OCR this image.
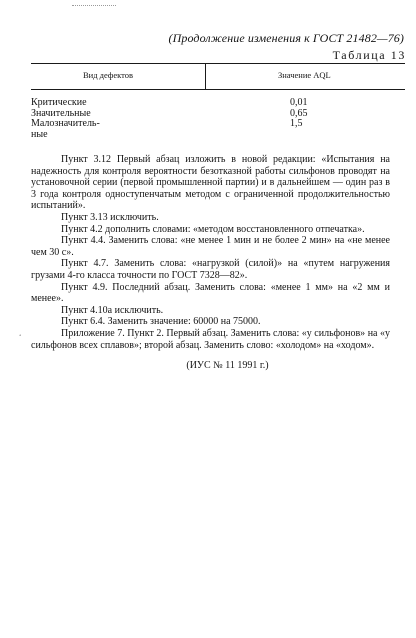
(Продолжение изменения к ГОСТ 21482—76)
Таблица 13
Вид дефектов	Значение AQL
Критические
Значительные
Малозначитель-
ные
0,01
0,65
1,5

Пункт 3.12 Первый абзац изложить в новой редакции: «Испытания на надежность для контроля вероятности безотказной работы сильфонов проводят на установочной серии (первой промышленной партии) и в дальнейшем — один раз в 3 года контроля одноступенчатым методом с ограниченной продолжительностью испытаний».

Пункт 3.13 исключить.

Пункт 4.2 дополнить словами: «методом восстановленного отпечатка».

Пункт 4.4. Заменить слова: «не менее 1 мин и не более 2 мин» на «не менее чем 30 с».

Пункт 4.7. Заменить слова: «нагрузкой (силой)» на «путем нагружения грузами 4-го класса точности по ГОСТ 7328—82».

Пункт 4.9. Последний абзац. Заменить слова: «менее 1 мм» на «2 мм и менее».

Пункт 4.10а исключить.

Пункт 6.4. Заменить значение: 60000 на 75000.

Приложение 7. Пункт 2. Первый абзац. Заменить слова: «у сильфонов» на «у сильфонов всех сплавов»; второй абзац. Заменить слово: «холодом» на «ходом».

(ИУС № 11 1991 г.)

‘
